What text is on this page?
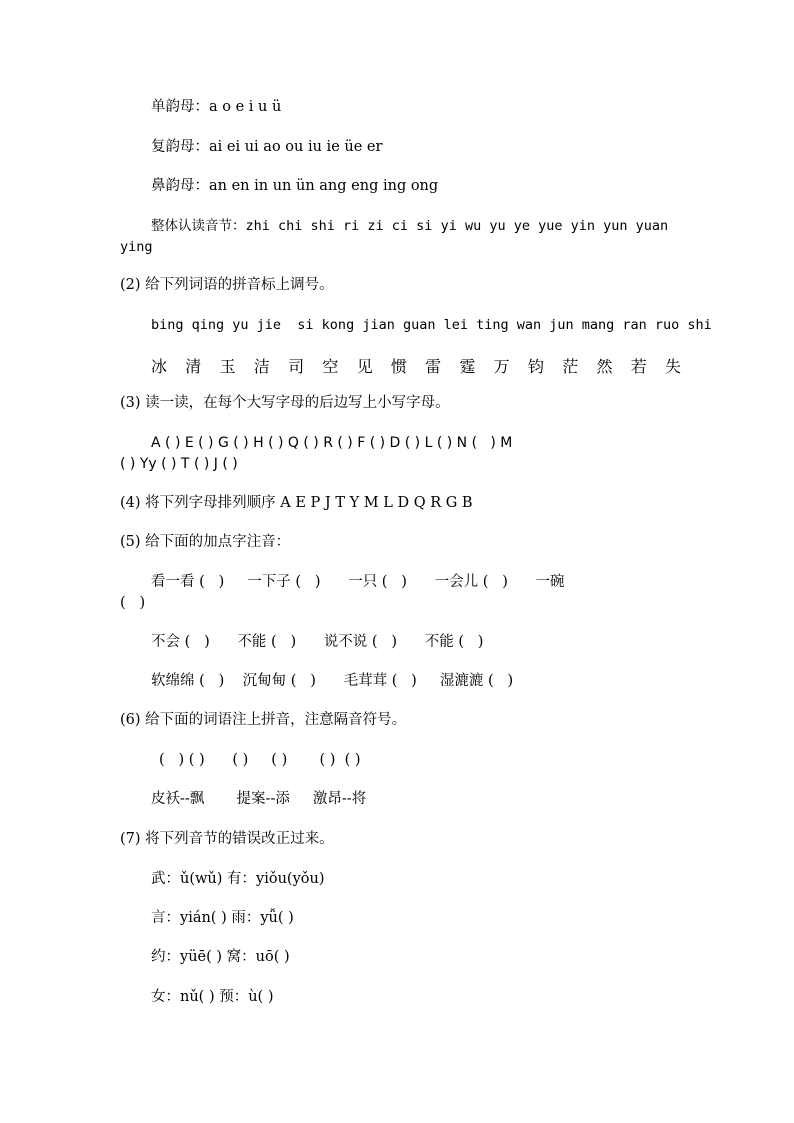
单韵母：a o e i u ü
复韵母：ai ei ui ao ou iu ie üe er
鼻韵母：an en in un ün ang eng ing ong
整体认读音节：zhi chi shi ri zi ci si yi wu yu ye yue yin yun yuan
ying
(2) 给下列词语的拼音标上调号。
bing qing yu jie  si kong jian guan lei ting wan jun mang ran ruo shi
冰 清 玉 洁 司 空 见 惯 雷 霆 万 钧 茫 然 若 失
(3) 读一读，在每个大写字母的后边写上小写字母。
A ( ) E ( ) G ( ) H ( ) Q ( ) R ( ) F ( ) D ( ) L ( ) N (   ) M
( ) Yy ( ) T ( ) J ( )
(4) 将下列字母排列顺序 A E P J T Y M L D Q R G B
(5) 给下面的加点字注音：
看一看 (   )     一下子 (   )      一只 (   )      一会儿 (   )      一碗
(   )
不会 (   )      不能 (   )      说不说 (   )      不能 (   )
软绵绵 (   )    沉甸甸 (   )      毛茸茸 (   )     湿漉漉 (   )
(6) 给下面的词语注上拼音，注意隔音符号。
(   ) ( )      ( )     ( )       ( )  ( )
皮袄--飘       提案--添     激昂--将
(7) 将下列音节的错误改正过来。
武：ǔ(wǔ) 有：yiǒu(yǒu)
言：yián( ) 雨：yǚ( )
约：yüē( ) 窝：uō( )
女：nǔ( ) 预：ù( )
